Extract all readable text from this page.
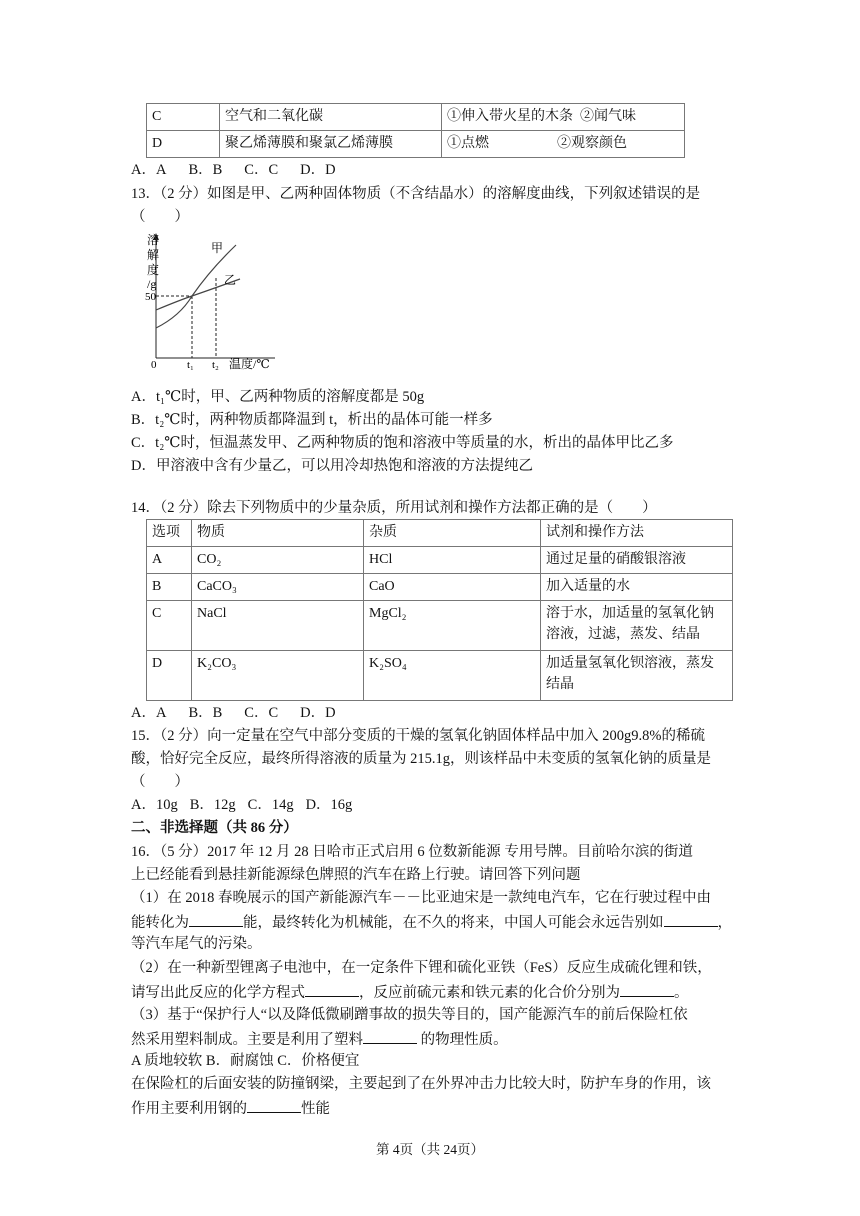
C	空气和二氧化碳	①伸入带火星的木条 ②闻气味
D	聚乙烯薄膜和聚氯乙烯薄膜	①点燃 ②观察颜色
A．A B．B C．C D．D
13．（2 分）如图是甲、乙两种固体物质（不含结晶水）的溶解度曲线，下列叙述错误的是
（　　）
溶
解
度
/g
50
0	t₁ t₂ 温度/℃
甲
乙
A．t₁℃时，甲、乙两种物质的溶解度都是 50g
B．t₂℃时，两种物质都降温到 t，析出的晶体可能一样多
C．t₂℃时，恒温蒸发甲、乙两种物质的饱和溶液中等质量的水，析出的晶体甲比乙多
D．甲溶液中含有少量乙，可以用冷却热饱和溶液的方法提纯乙
14．（2 分）除去下列物质中的少量杂质，所用试剂和操作方法都正确的是（　　）
选项	物质	杂质	试剂和操作方法
A	CO₂	HCl	通过足量的硝酸银溶液
B	CaCO₃	CaO	加入适量的水
C	NaCl	MgCl₂	溶于水，加适量的氢氧化钠溶液，过滤，蒸发、结晶
D	K₂CO₃	K₂SO₄	加适量氢氧化钡溶液，蒸发结晶
A．A B．B C．C D．D
15．（2 分）向一定量在空气中部分变质的干燥的氢氧化钠固体样品中加入 200g9.8%的稀硫
酸，恰好完全反应，最终所得溶液的质量为 215.1g，则该样品中未变质的氢氧化钠的质量是
（　　）
A．10g B．12g C．14g D．16g
二、非选择题（共 86 分）
16．（5 分）2017 年 12 月 28 日哈市正式启用 6 位数新能源 专用号牌。目前哈尔滨的街道
上已经能看到悬挂新能源绿色牌照的汽车在路上行驶。请回答下列问题
（1）在 2018 春晚展示的国产新能源汽车－－比亚迪宋是一款纯电汽车，它在行驶过程中由
能转化为	能，最终转化为机械能，在不久的将来，中国人可能会永远告别如	，
等汽车尾气的污染。
（2）在一种新型锂离子电池中，在一定条件下锂和硫化亚铁（FeS）反应生成硫化锂和铁，
请写出此反应的化学方程式	，反应前硫元素和铁元素的化合价分别为	。
（3）基于“保护行人“以及降低微刷蹭事故的损失等目的，国产能源汽车的前后保险杠依
然采用塑料制成。主要是利用了塑料	的物理性质。
A 质地较软 B．耐腐蚀 C．价格便宜
在保险杠的后面安装的防撞钢梁，主要起到了在外界冲击力比较大时，防护车身的作用，该
作用主要利用钢的	性能
第 4页（共 24页）
